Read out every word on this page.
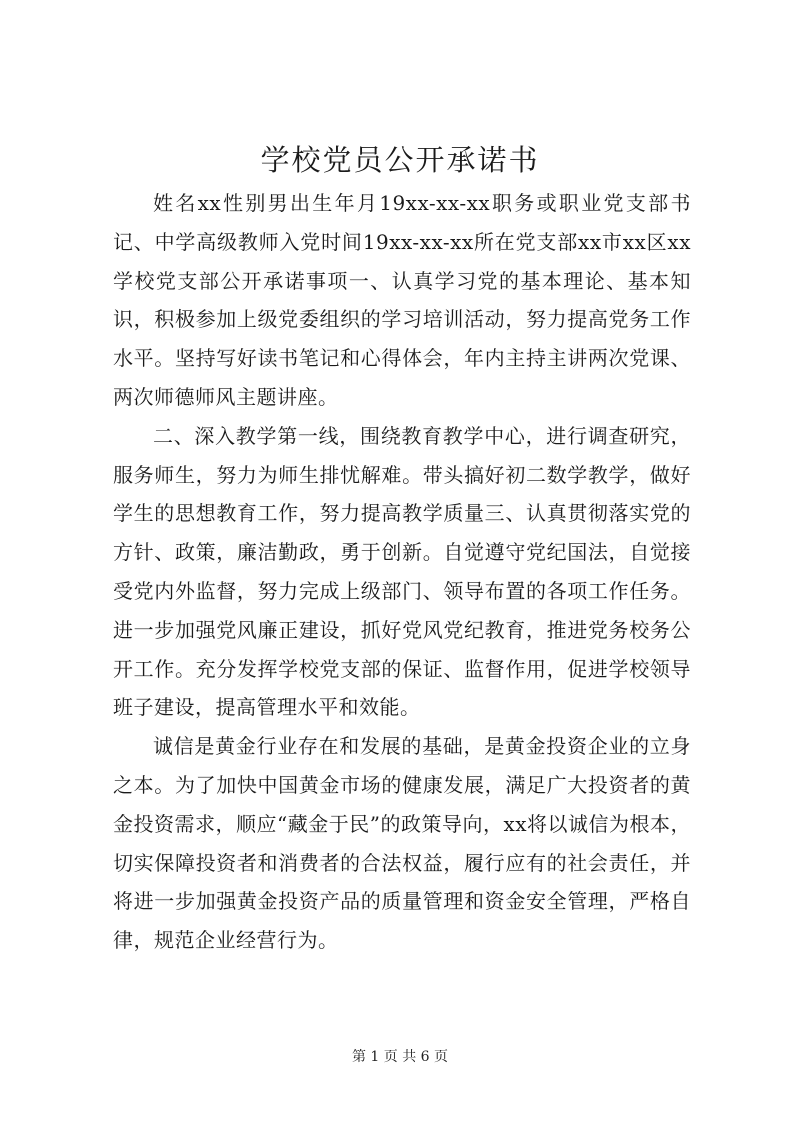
学校党员公开承诺书

姓名xx性别男出生年月19xx-xx-xx职务或职业党支部书记、中学高级教师入党时间19xx-xx-xx所在党支部xx市xx区xx学校党支部公开承诺事项一、认真学习党的基本理论、基本知识，积极参加上级党委组织的学习培训活动，努力提高党务工作水平。坚持写好读书笔记和心得体会，年内主持主讲两次党课、两次师德师风主题讲座。

二、深入教学第一线，围绕教育教学中心，进行调查研究，服务师生，努力为师生排忧解难。带头搞好初二数学教学，做好学生的思想教育工作，努力提高教学质量三、认真贯彻落实党的方针、政策，廉洁勤政，勇于创新。自觉遵守党纪国法，自觉接受党内外监督，努力完成上级部门、领导布置的各项工作任务。进一步加强党风廉正建设，抓好党风党纪教育，推进党务校务公开工作。充分发挥学校党支部的保证、监督作用，促进学校领导班子建设，提高管理水平和效能。

诚信是黄金行业存在和发展的基础，是黄金投资企业的立身之本。为了加快中国黄金市场的健康发展，满足广大投资者的黄金投资需求，顺应“藏金于民”的政策导向，xx将以诚信为根本，切实保障投资者和消费者的合法权益，履行应有的社会责任，并将进一步加强黄金投资产品的质量管理和资金安全管理，严格自律，规范企业经营行为。

第 1 页 共 6 页
